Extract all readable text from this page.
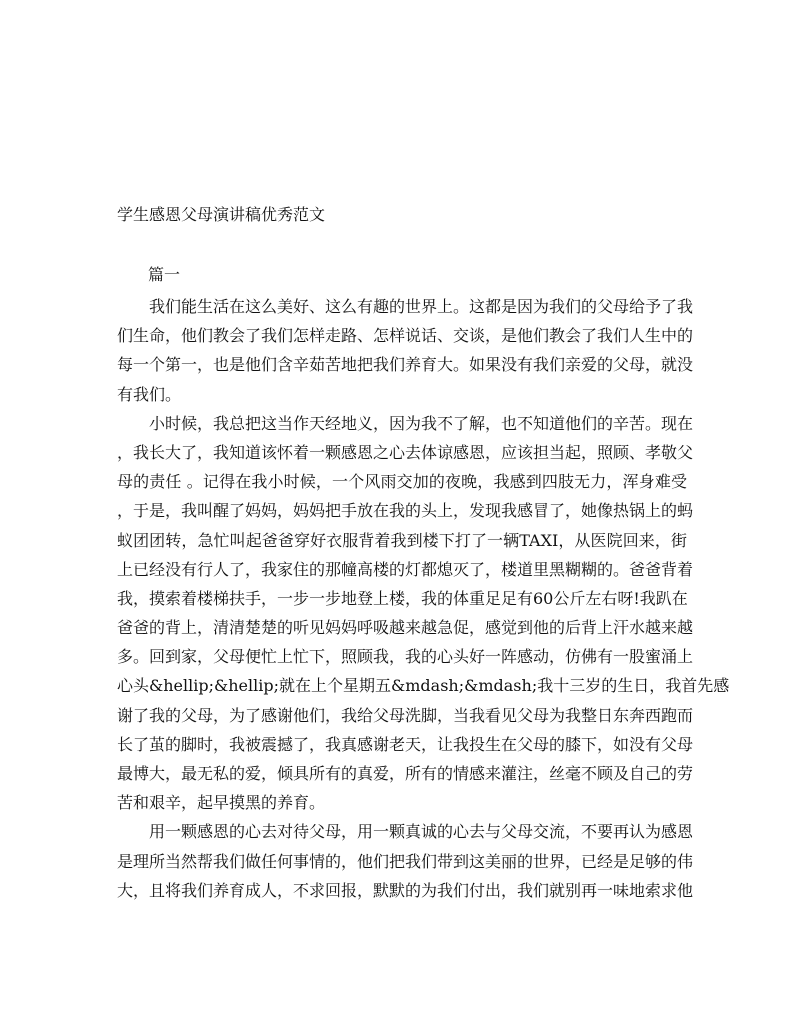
学生感恩父母演讲稿优秀范文
篇一
　　我们能生活在这么美好、这么有趣的世界上。这都是因为我们的父母给予了我
们生命，他们教会了我们怎样走路、怎样说话、交谈，是他们教会了我们人生中的
每一个第一，也是他们含辛茹苦地把我们养育大。如果没有我们亲爱的父母，就没
有我们。
　　小时候，我总把这当作天经地义，因为我不了解，也不知道他们的辛苦。现在
，我长大了，我知道该怀着一颗感恩之心去体谅感恩，应该担当起，照顾、孝敬父
母的责任 。记得在我小时候，一个风雨交加的夜晚，我感到四肢无力，浑身难受
，于是，我叫醒了妈妈，妈妈把手放在我的头上，发现我感冒了，她像热锅上的蚂
蚁团团转，急忙叫起爸爸穿好衣服背着我到楼下打了一辆TAXI，从医院回来，街
上已经没有行人了，我家住的那幢高楼的灯都熄灭了，楼道里黑糊糊的。爸爸背着
我，摸索着楼梯扶手，一步一步地登上楼，我的体重足足有60公斤左右呀!我趴在
爸爸的背上，清清楚楚的听见妈妈呼吸越来越急促，感觉到他的后背上汗水越来越
多。回到家，父母便忙上忙下，照顾我，我的心头好一阵感动，仿佛有一股蜜涌上
心头&hellip;&hellip;就在上个星期五&mdash;&mdash;我十三岁的生日，我首先感
谢了我的父母，为了感谢他们，我给父母洗脚，当我看见父母为我整日东奔西跑而
长了茧的脚时，我被震撼了，我真感谢老天，让我投生在父母的膝下，如没有父母
最博大，最无私的爱，倾具所有的真爱，所有的情感来灌注，丝毫不顾及自己的劳
苦和艰辛，起早摸黑的养育。
　　用一颗感恩的心去对待父母，用一颗真诚的心去与父母交流，不要再认为感恩
是理所当然帮我们做任何事情的，他们把我们带到这美丽的世界，已经是足够的伟
大，且将我们养育成人，不求回报，默默的为我们付出，我们就别再一味地索求他
